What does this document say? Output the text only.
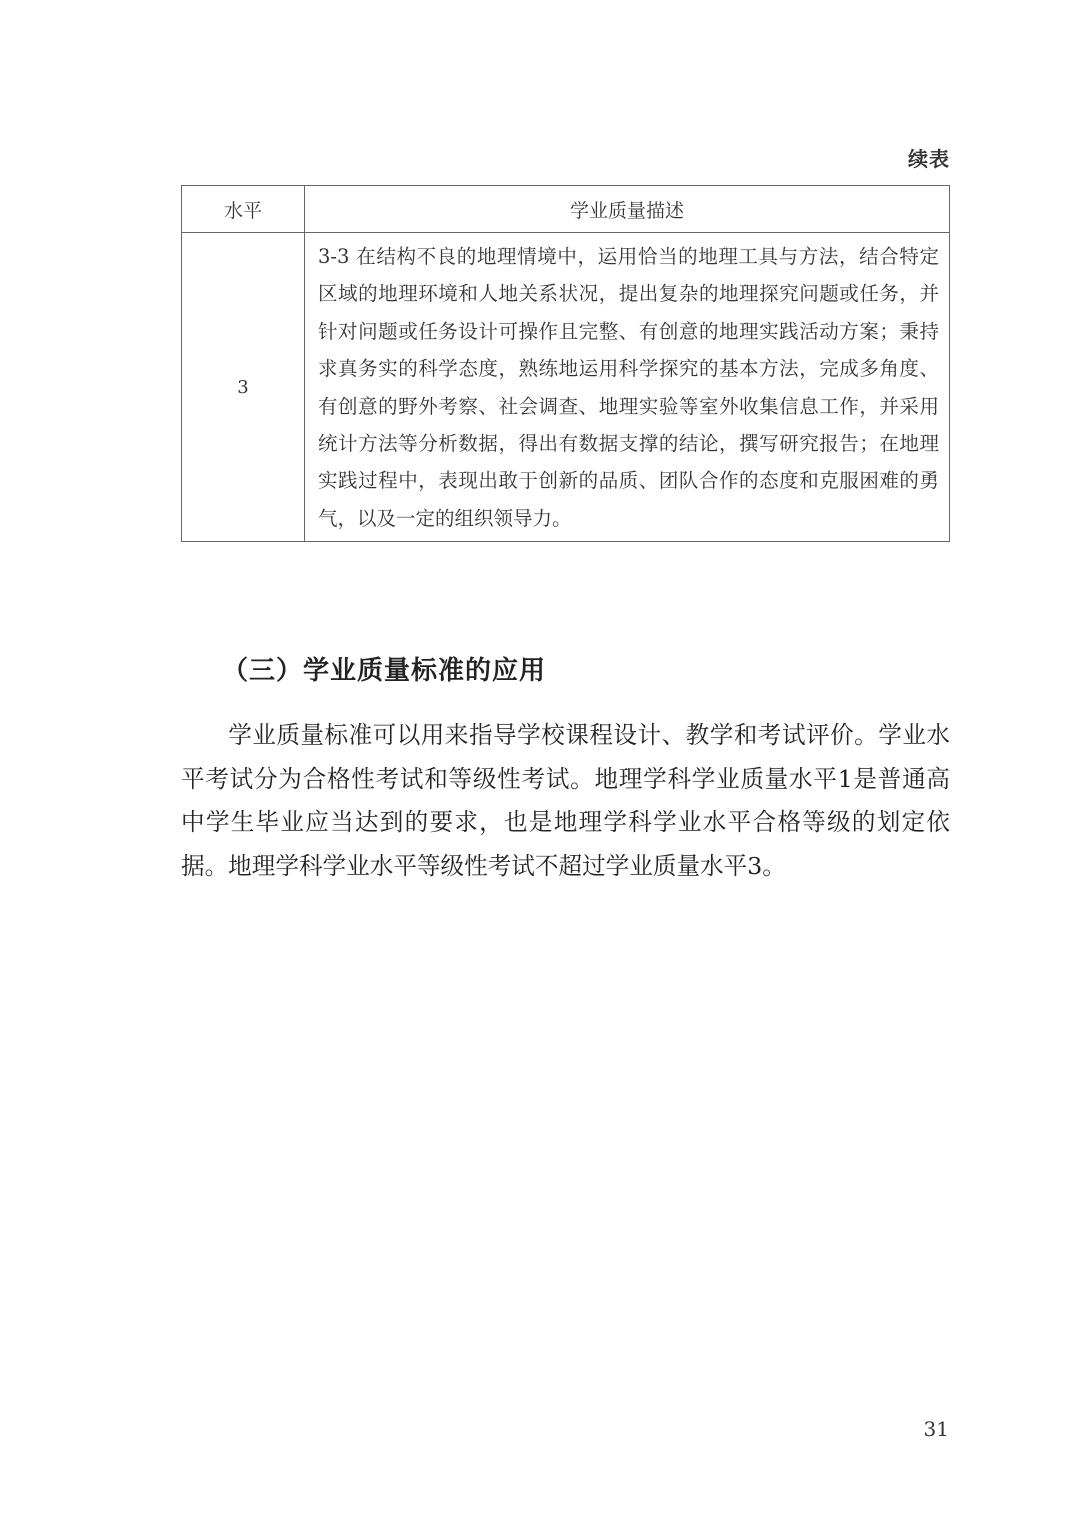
续表
水平	学业质量描述
3	3-3 在结构不良的地理情境中，运用恰当的地理工具与方法，结合特定区域的地理环境和人地关系状况，提出复杂的地理探究问题或任务，并针对问题或任务设计可操作且完整、有创意的地理实践活动方案；秉持求真务实的科学态度，熟练地运用科学探究的基本方法，完成多角度、有创意的野外考察、社会调查、地理实验等室外收集信息工作，并采用统计方法等分析数据，得出有数据支撑的结论，撰写研究报告；在地理实践过程中，表现出敢于创新的品质、团队合作的态度和克服困难的勇气，以及一定的组织领导力。
（三）学业质量标准的应用

学业质量标准可以用来指导学校课程设计、教学和考试评价。学业水平考试分为合格性考试和等级性考试。地理学科学业质量水平1是普通高中学生毕业应当达到的要求，也是地理学科学业水平合格等级的划定依据。地理学科学业水平等级性考试不超过学业质量水平3。

31
